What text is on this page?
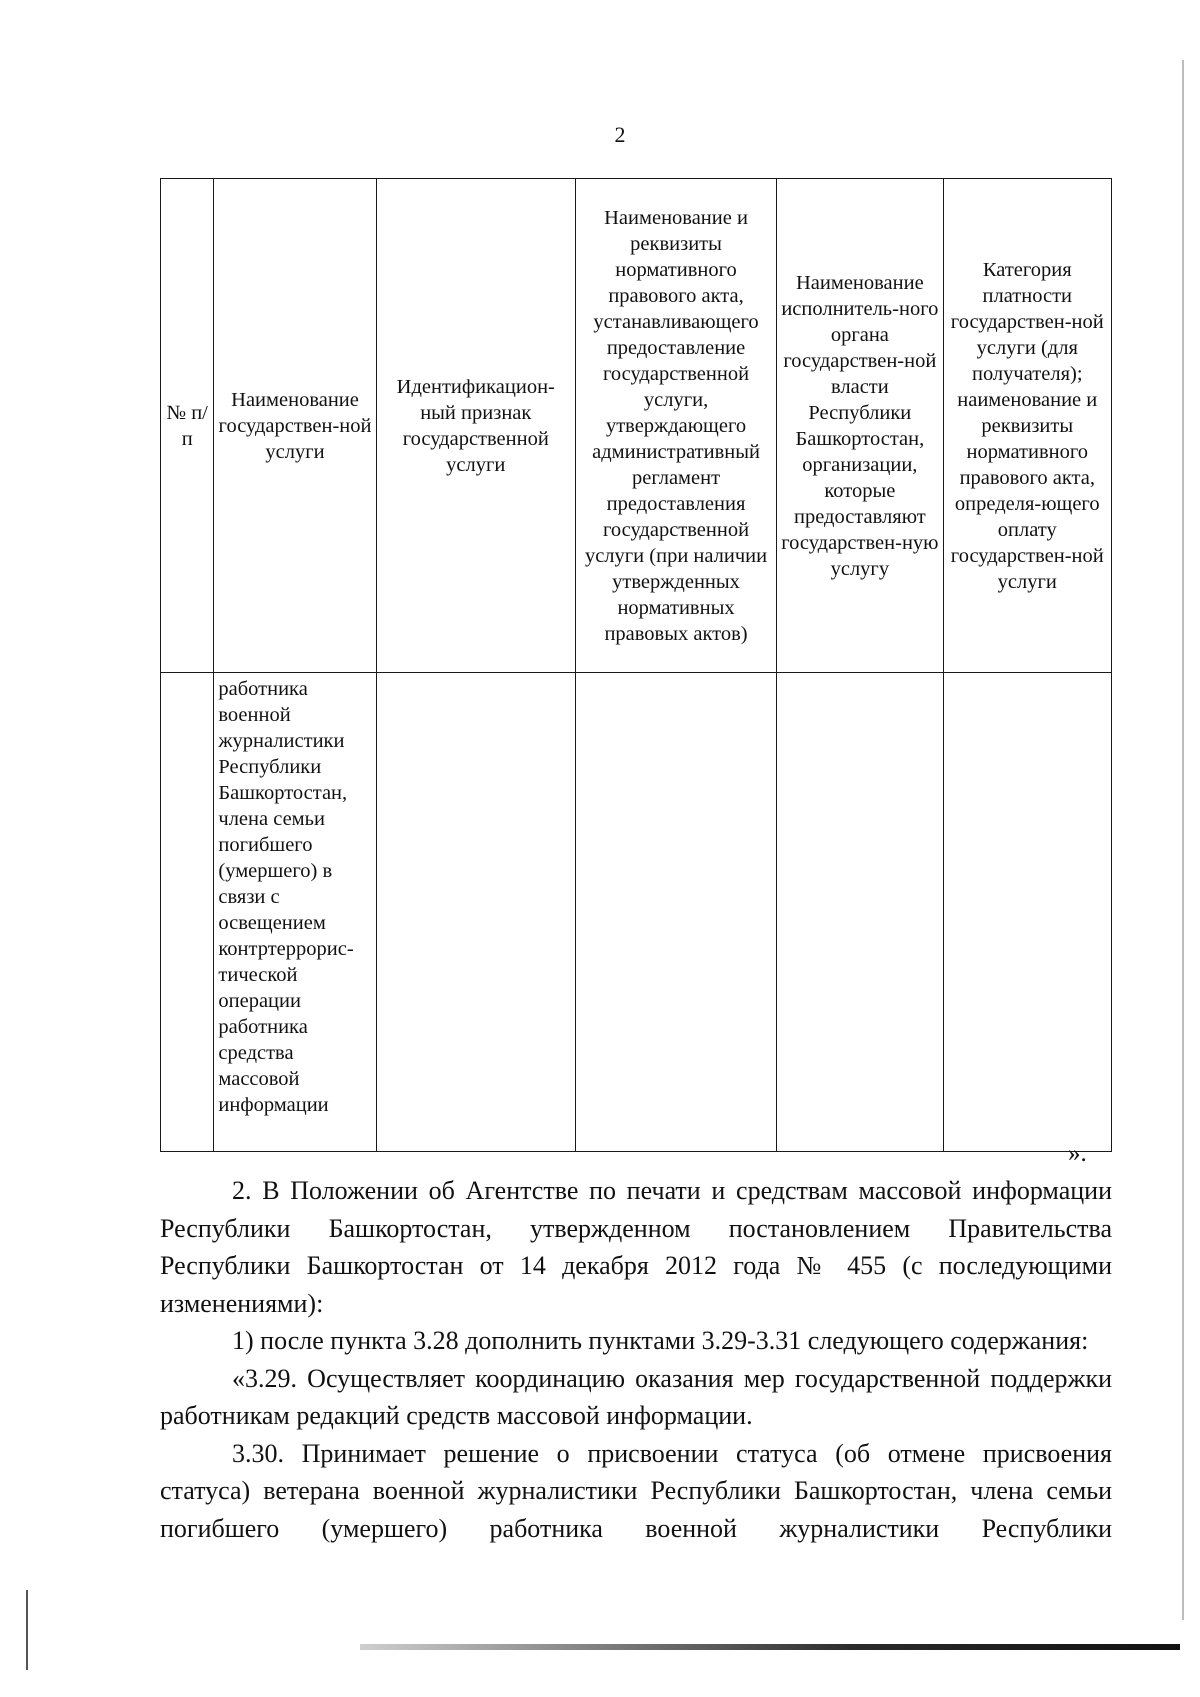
2
№ п/п	Наименование государствен-ной услуги	Идентификацион-ный признак государственной услуги	Наименование и реквизиты нормативного правового акта, устанавливающего предоставление государственной услуги, утверждающего административный регламент предоставления государственной услуги (при наличии утвержденных нормативных правовых актов)	Наименование исполнитель-ного органа государствен-ной власти Республики Башкортостан, организации, которые предоставляют государствен-ную услугу	Категория платности государствен-ной услуги (для получателя); наименование и реквизиты нормативного правового акта, определя-ющего оплату государствен-ной услуги
	работника военной журналистики Республики Башкортостан, члена семьи погибшего (умершего) в связи с освещением контртеррорис-тической операции работника средства массовой информации				
».

2. В Положении об Агентстве по печати и средствам массовой информации Республики Башкортостан, утвержденном постановлением Правительства Республики Башкортостан от 14 декабря 2012 года № 455 (с последующими изменениями):

1) после пункта 3.28 дополнить пунктами 3.29-3.31 следующего содержания:

«3.29. Осуществляет координацию оказания мер государственной поддержки работникам редакций средств массовой информации.

3.30. Принимает решение о присвоении статуса (об отмене присвоения статуса) ветерана военной журналистики Республики Башкортостан, члена семьи погибшего (умершего) работника военной журналистики Республики
